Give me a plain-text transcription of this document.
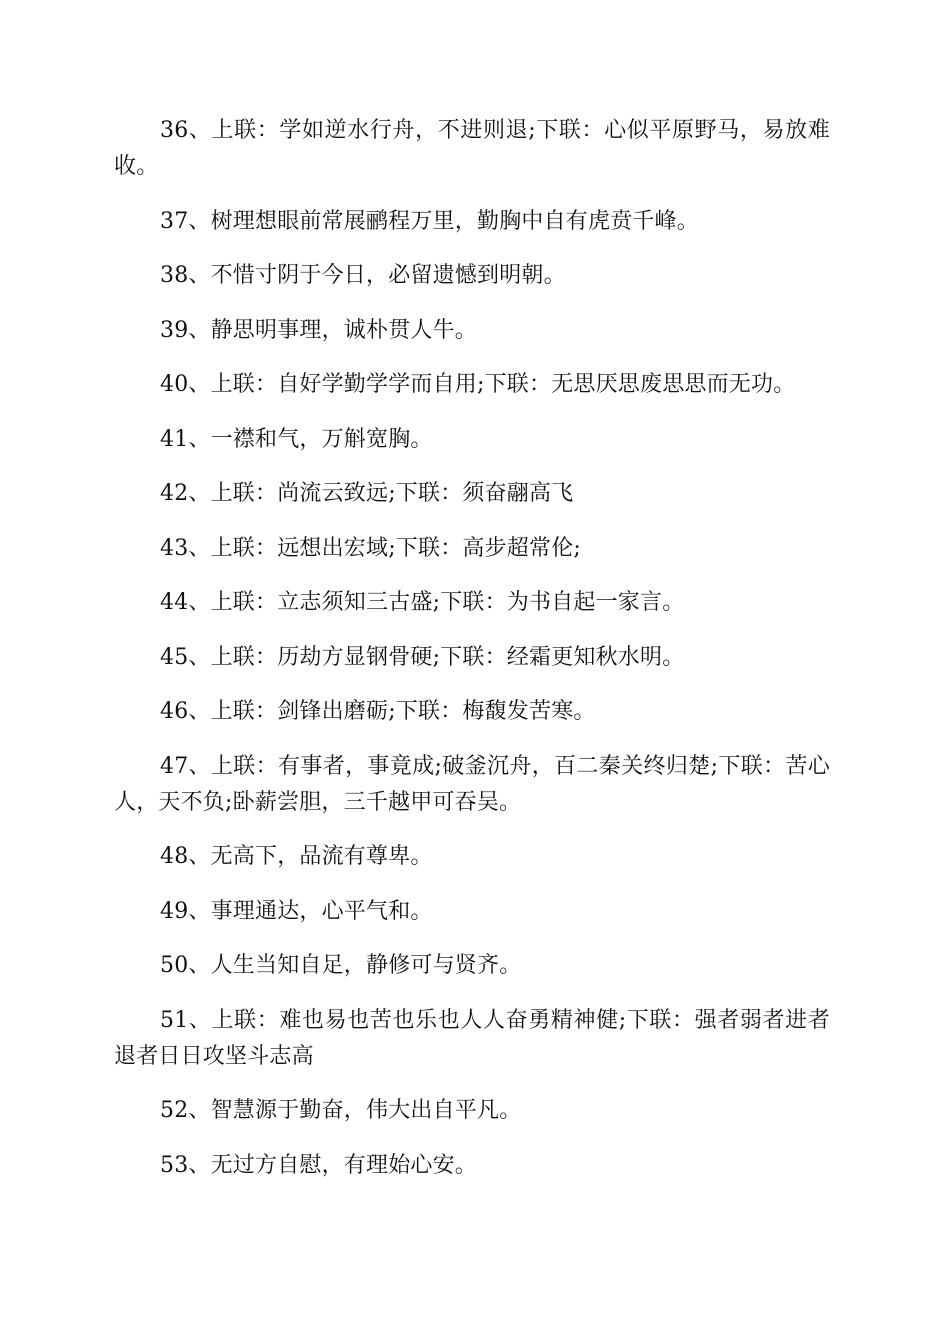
36、上联：学如逆水行舟，不进则退;下联：心似平原野马，易放难收。

37、树理想眼前常展鹂程万里，勤胸中自有虎贲千峰。

38、不惜寸阴于今日，必留遗憾到明朝。

39、静思明事理，诚朴贯人牛。

40、上联：自好学勤学学而自用;下联：无思厌思废思思而无功。

41、一襟和气，万斛宽胸。

42、上联：尚流云致远;下联：须奋翮高飞

43、上联：远想出宏域;下联：高步超常伦;

44、上联：立志须知三古盛;下联：为书自起一家言。

45、上联：历劫方显钢骨硬;下联：经霜更知秋水明。

46、上联：剑锋出磨砺;下联：梅馥发苦寒。

47、上联：有事者，事竟成;破釜沉舟，百二秦关终归楚;下联：苦心人，天不负;卧薪尝胆，三千越甲可吞吴。

48、无高下，品流有尊卑。

49、事理通达，心平气和。

50、人生当知自足，静修可与贤齐。

51、上联：难也易也苦也乐也人人奋勇精神健;下联：强者弱者进者退者日日攻坚斗志高

52、智慧源于勤奋，伟大出自平凡。

53、无过方自慰，有理始心安。
